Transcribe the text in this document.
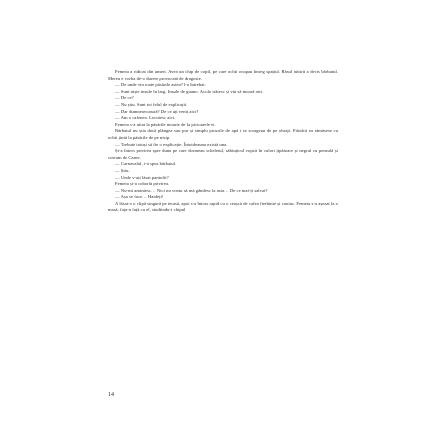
Femeia a ridicat din umeri. Avea un chip de copil, pe care ochii ocupau întreg spațiul. Râsul iubirii a decis bărbatul. Mereu e vorba de-o durere provocată de dragoste.

— De unde vin toate păsările astea? l-a întrebat.

— Sunt niște insule în larg. Insule de guano. Acolo trăiesc și vin să moară aici.

— De ce?

— Nu știu. Sunt tot felul de explicații.

— Dar dumneavoastră? De ce ați venit aici?

— Am o cafenea. Locuiesc aici.

Femeia s-a uitat la păsările moarte de la picioarele ei.

Bărbatul nu știa dacă plângea sau pur și simplu picurile de apă i se scurgeau de pe obraji. Fiindcă ea rămăsese cu ochii țintă la păsările de pe nisip.

— Trebuie totuși să fie o explicație. Întotdeauna există una.

Și-a întors privirea spre duna pe care dormeau scheletul, săbiuțicul vopsit în culori țipătoare și negrul cu pensulă și costum de Carne.

— Carnavalul, i-a spus bărbatul.

— Știu.

— Unde v-ați lăsat pantofii?

Femeia și-a coborât privirea.

— Nu-mi amintesc… Nici nu vreau să mă gândesc la asta… De ce mai-ți salvat?

— Așa se face… Haideți!

A lăsat-o o clipă singură pe terasă, apoi s-a întors rapid cu o ceașcă de cafea fierbinte și coniac. Femeia s-a așezat la o masă, fața-n față cu el, studiindu-i chipul

14
